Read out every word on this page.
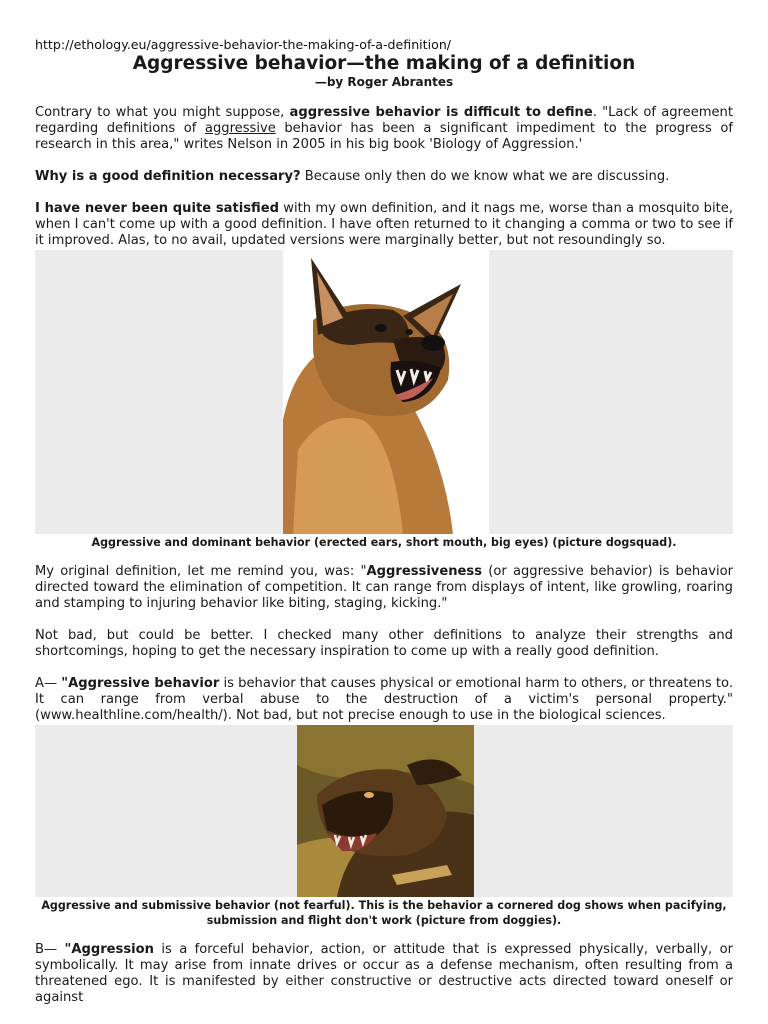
http://ethology.eu/aggressive-behavior-the-making-of-a-definition/

Aggressive behavior—the making of a definition
—by Roger Abrantes

Contrary to what you might suppose, aggressive behavior is difficult to define. "Lack of agreement regarding definitions of aggressive behavior has been a significant impediment to the progress of research in this area," writes Nelson in 2005 in his big book 'Biology of Aggression.'

Why is a good definition necessary? Because only then do we know what we are discussing.

I have never been quite satisfied with my own definition, and it nags me, worse than a mosquito bite, when I can't come up with a good definition. I have often returned to it changing a comma or two to see if it improved. Alas, to no avail, updated versions were marginally better, but not resoundingly so.

Aggressive and dominant behavior (erected ears, short mouth, big eyes) (picture dogsquad).

My original definition, let me remind you, was: "Aggressiveness (or aggressive behavior) is behavior directed toward the elimination of competition. It can range from displays of intent, like growling, roaring and stamping to injuring behavior like biting, staging, kicking."

Not bad, but could be better. I checked many other definitions to analyze their strengths and shortcomings, hoping to get the necessary inspiration to come up with a really good definition.

A— "Aggressive behavior is behavior that causes physical or emotional harm to others, or threatens to. It can range from verbal abuse to the destruction of a victim's personal property." (www.healthline.com/health/). Not bad, but not precise enough to use in the biological sciences.

Aggressive and submissive behavior (not fearful). This is the behavior a cornered dog shows when pacifying, submission and flight don't work (picture from doggies).

B— "Aggression is a forceful behavior, action, or attitude that is expressed physically, verbally, or symbolically. It may arise from innate drives or occur as a defense mechanism, often resulting from a threatened ego. It is manifested by either constructive or destructive acts directed toward oneself or against
